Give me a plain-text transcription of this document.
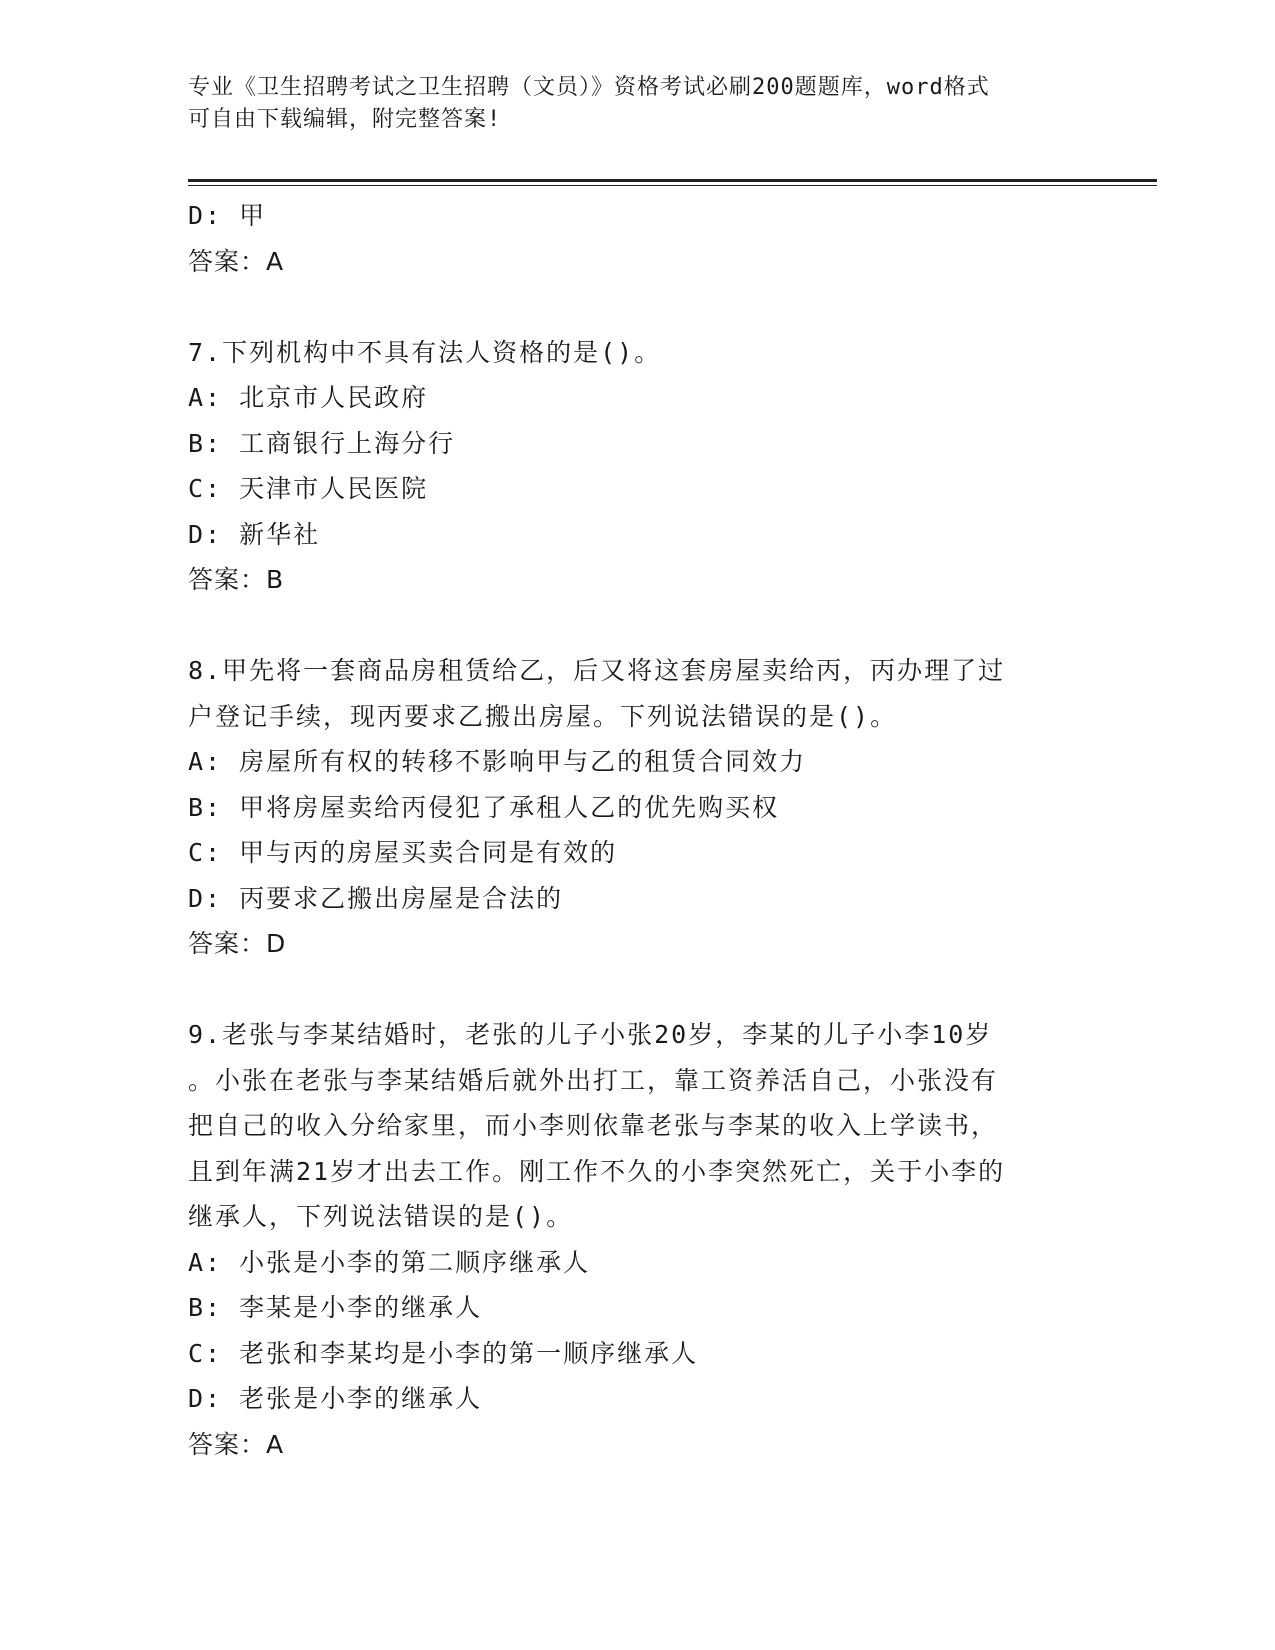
专业《卫生招聘考试之卫生招聘（文员）》资格考试必刷200题题库，word格式
可自由下载编辑，附完整答案!
D: 甲
答案：A
7.下列机构中不具有法人资格的是()。
A: 北京市人民政府
B: 工商银行上海分行
C: 天津市人民医院
D: 新华社
答案：B
8.甲先将一套商品房租赁给乙，后又将这套房屋卖给丙，丙办理了过
户登记手续，现丙要求乙搬出房屋。下列说法错误的是()。
A: 房屋所有权的转移不影响甲与乙的租赁合同效力
B: 甲将房屋卖给丙侵犯了承租人乙的优先购买权
C: 甲与丙的房屋买卖合同是有效的
D: 丙要求乙搬出房屋是合法的
答案：D
9.老张与李某结婚时，老张的儿子小张20岁，李某的儿子小李10岁
。小张在老张与李某结婚后就外出打工，靠工资养活自己，小张没有
把自己的收入分给家里，而小李则依靠老张与李某的收入上学读书，
且到年满21岁才出去工作。刚工作不久的小李突然死亡，关于小李的
继承人，下列说法错误的是()。
A: 小张是小李的第二顺序继承人
B: 李某是小李的继承人
C: 老张和李某均是小李的第一顺序继承人
D: 老张是小李的继承人
答案：A
